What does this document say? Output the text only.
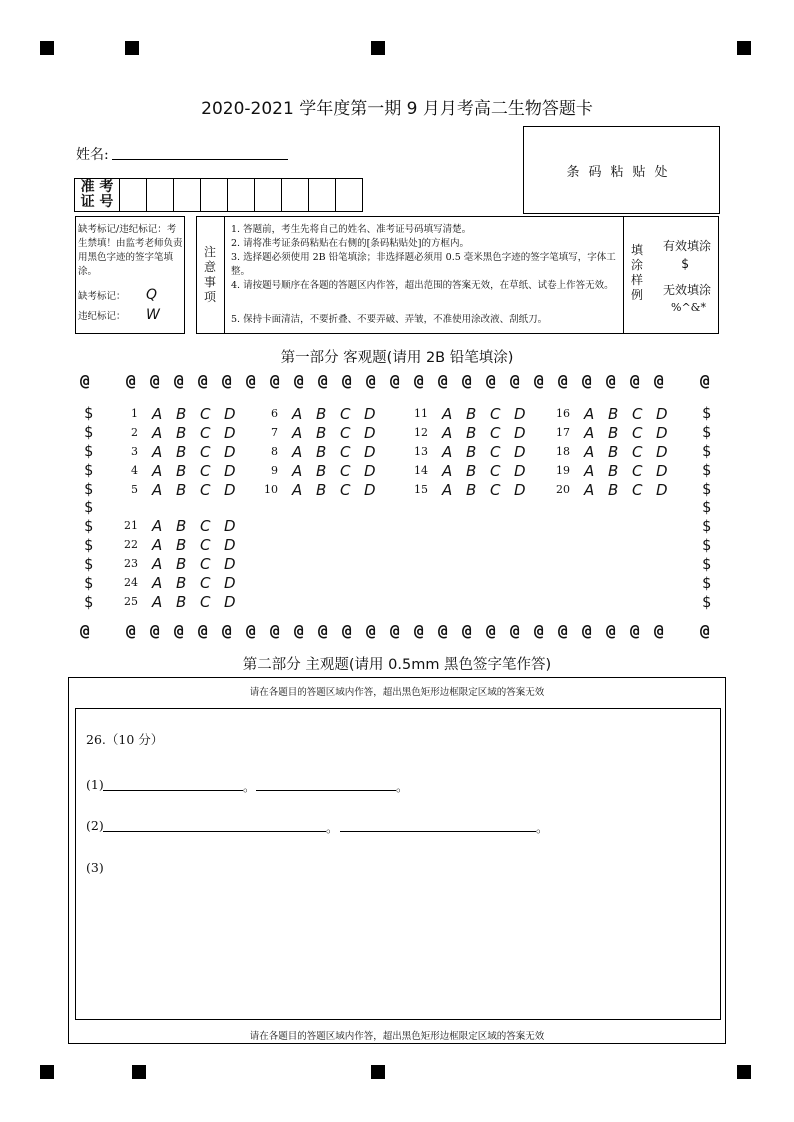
2020-2021 学年度第一期 9 月月考高二生物答题卡
姓名:
条码粘贴处
准 考
证 号

缺考标记/违纪标记：考生禁填！由监考老师负责用黑色字迹的签字笔填涂。
缺考标记： Q
违纪标记： W
注 意 事 项
1. 答题前，考生先将自己的姓名、准考证号码填写清楚。
2. 请将准考证条码粘贴在右侧的[条码粘贴处]的方框内。
3. 选择题必须使用 2B 铅笔填涂；非选择题必须用 0.5 毫米黑色字迹的签字笔填写，字体工整。
4. 请按题号顺序在各题的答题区内作答，超出范围的答案无效，在草纸、试卷上作答无效。
5. 保持卡面清洁，不要折叠、不要弄破、弄皱，不准使用涂改液、刮纸刀。
填 涂 样 例
有效填涂
$
无效填涂
%^&*
第一部分 客观题(请用 2B 铅笔填涂)
@ @ @ @ @ @ @ @ @ @ @ @ @ @ @ @ @ @ @ @ @ @ @ @ @
@ @ @ @ @ @ @ @ @ @ @ @ @ @ @ @ @ @ @ @ @ @ @ @ @
$	$
$	$
$	$
$	$
$	$
$	$
$	$
$	$
$	$
$	$
$	$
1 A B C D
2 A B C D
3 A B C D
4 A B C D
5 A B C D
6 A B C D
7 A B C D
8 A B C D
9 A B C D
10 A B C D
11 A B C D
12 A B C D
13 A B C D
14 A B C D
15 A B C D
16 A B C D
17 A B C D
18 A B C D
19 A B C D
20 A B C D
21 A B C D
22 A B C D
23 A B C D
24 A B C D
25 A B C D
第二部分 主观题(请用 0.5mm 黑色签字笔作答)
请在各题目的答题区域内作答，超出黑色矩形边框限定区域的答案无效
请在各题目的答题区域内作答，超出黑色矩形边框限定区域的答案无效
26.（10 分）
(1)	。	。
(2)	。	。
(3)
